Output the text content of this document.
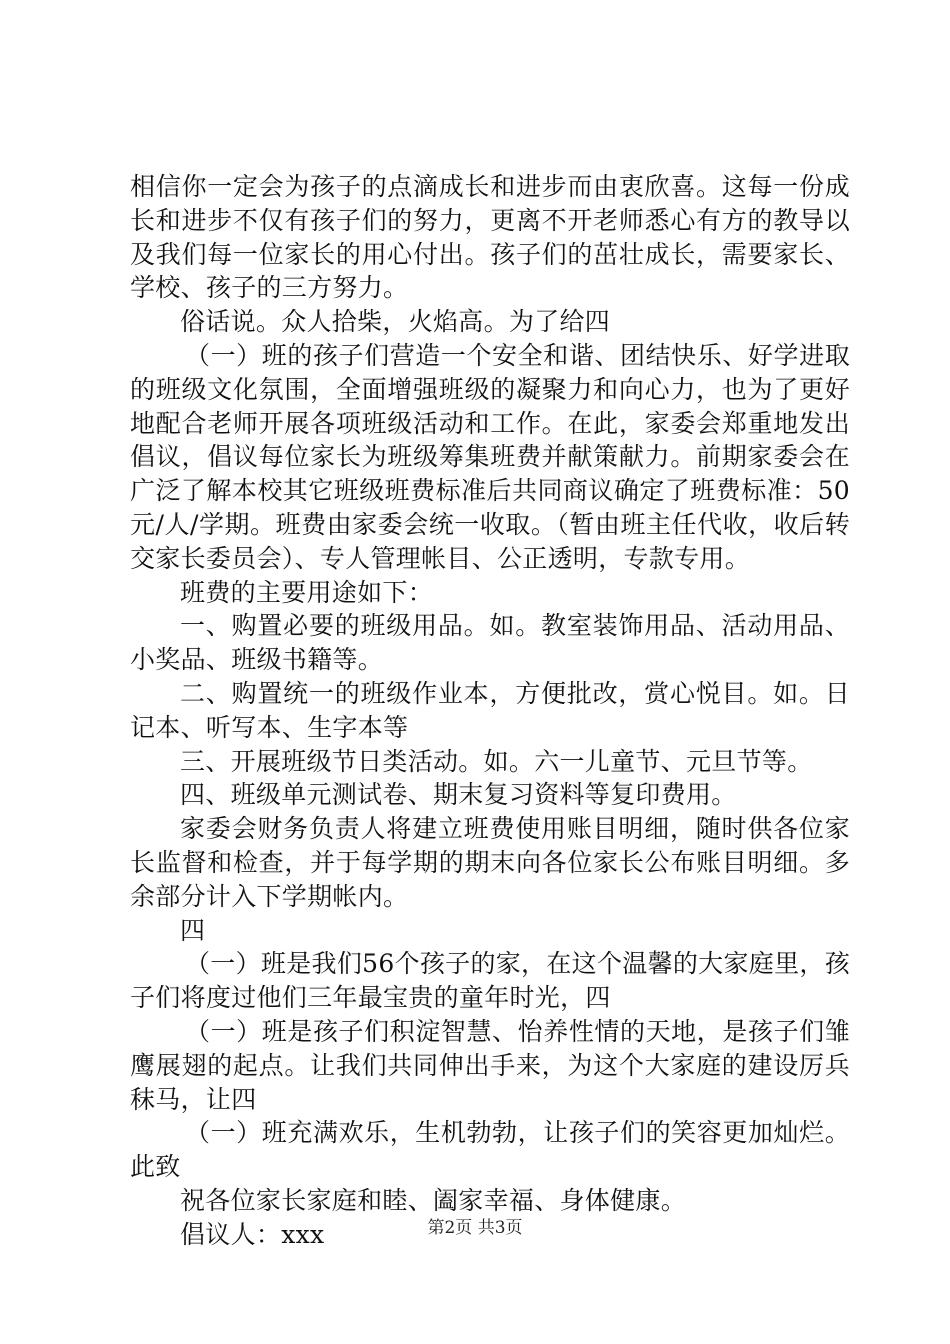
相信你一定会为孩子的点滴成长和进步而由衷欣喜。这每一份成长和进步不仅有孩子们的努力，更离不开老师悉心有方的教导以及我们每一位家长的用心付出。孩子们的茁壮成长，需要家长、学校、孩子的三方努力。

俗话说。众人拾柴，火焰高。为了给四

（一）班的孩子们营造一个安全和谐、团结快乐、好学进取的班级文化氛围，全面增强班级的凝聚力和向心力，也为了更好地配合老师开展各项班级活动和工作。在此，家委会郑重地发出倡议，倡议每位家长为班级筹集班费并献策献力。前期家委会在广泛了解本校其它班级班费标准后共同商议确定了班费标准：50元/人/学期。班费由家委会统一收取。（暂由班主任代收，收后转交家长委员会）、专人管理帐目、公正透明，专款专用。

班费的主要用途如下：

一、购置必要的班级用品。如。教室装饰用品、活动用品、小奖品、班级书籍等。

二、购置统一的班级作业本，方便批改，赏心悦目。如。日记本、听写本、生字本等

三、开展班级节日类活动。如。六一儿童节、元旦节等。

四、班级单元测试卷、期末复习资料等复印费用。

家委会财务负责人将建立班费使用账目明细，随时供各位家长监督和检查，并于每学期的期末向各位家长公布账目明细。多余部分计入下学期帐内。

四

（一）班是我们56个孩子的家，在这个温馨的大家庭里，孩子们将度过他们三年最宝贵的童年时光，四

（一）班是孩子们积淀智慧、怡养性情的天地，是孩子们雏鹰展翅的起点。让我们共同伸出手来，为这个大家庭的建设厉兵秣马，让四

（一）班充满欢乐，生机勃勃，让孩子们的笑容更加灿烂。此致

祝各位家长家庭和睦、阖家幸福、身体健康。

倡议人：xxx	第2页 共3页
